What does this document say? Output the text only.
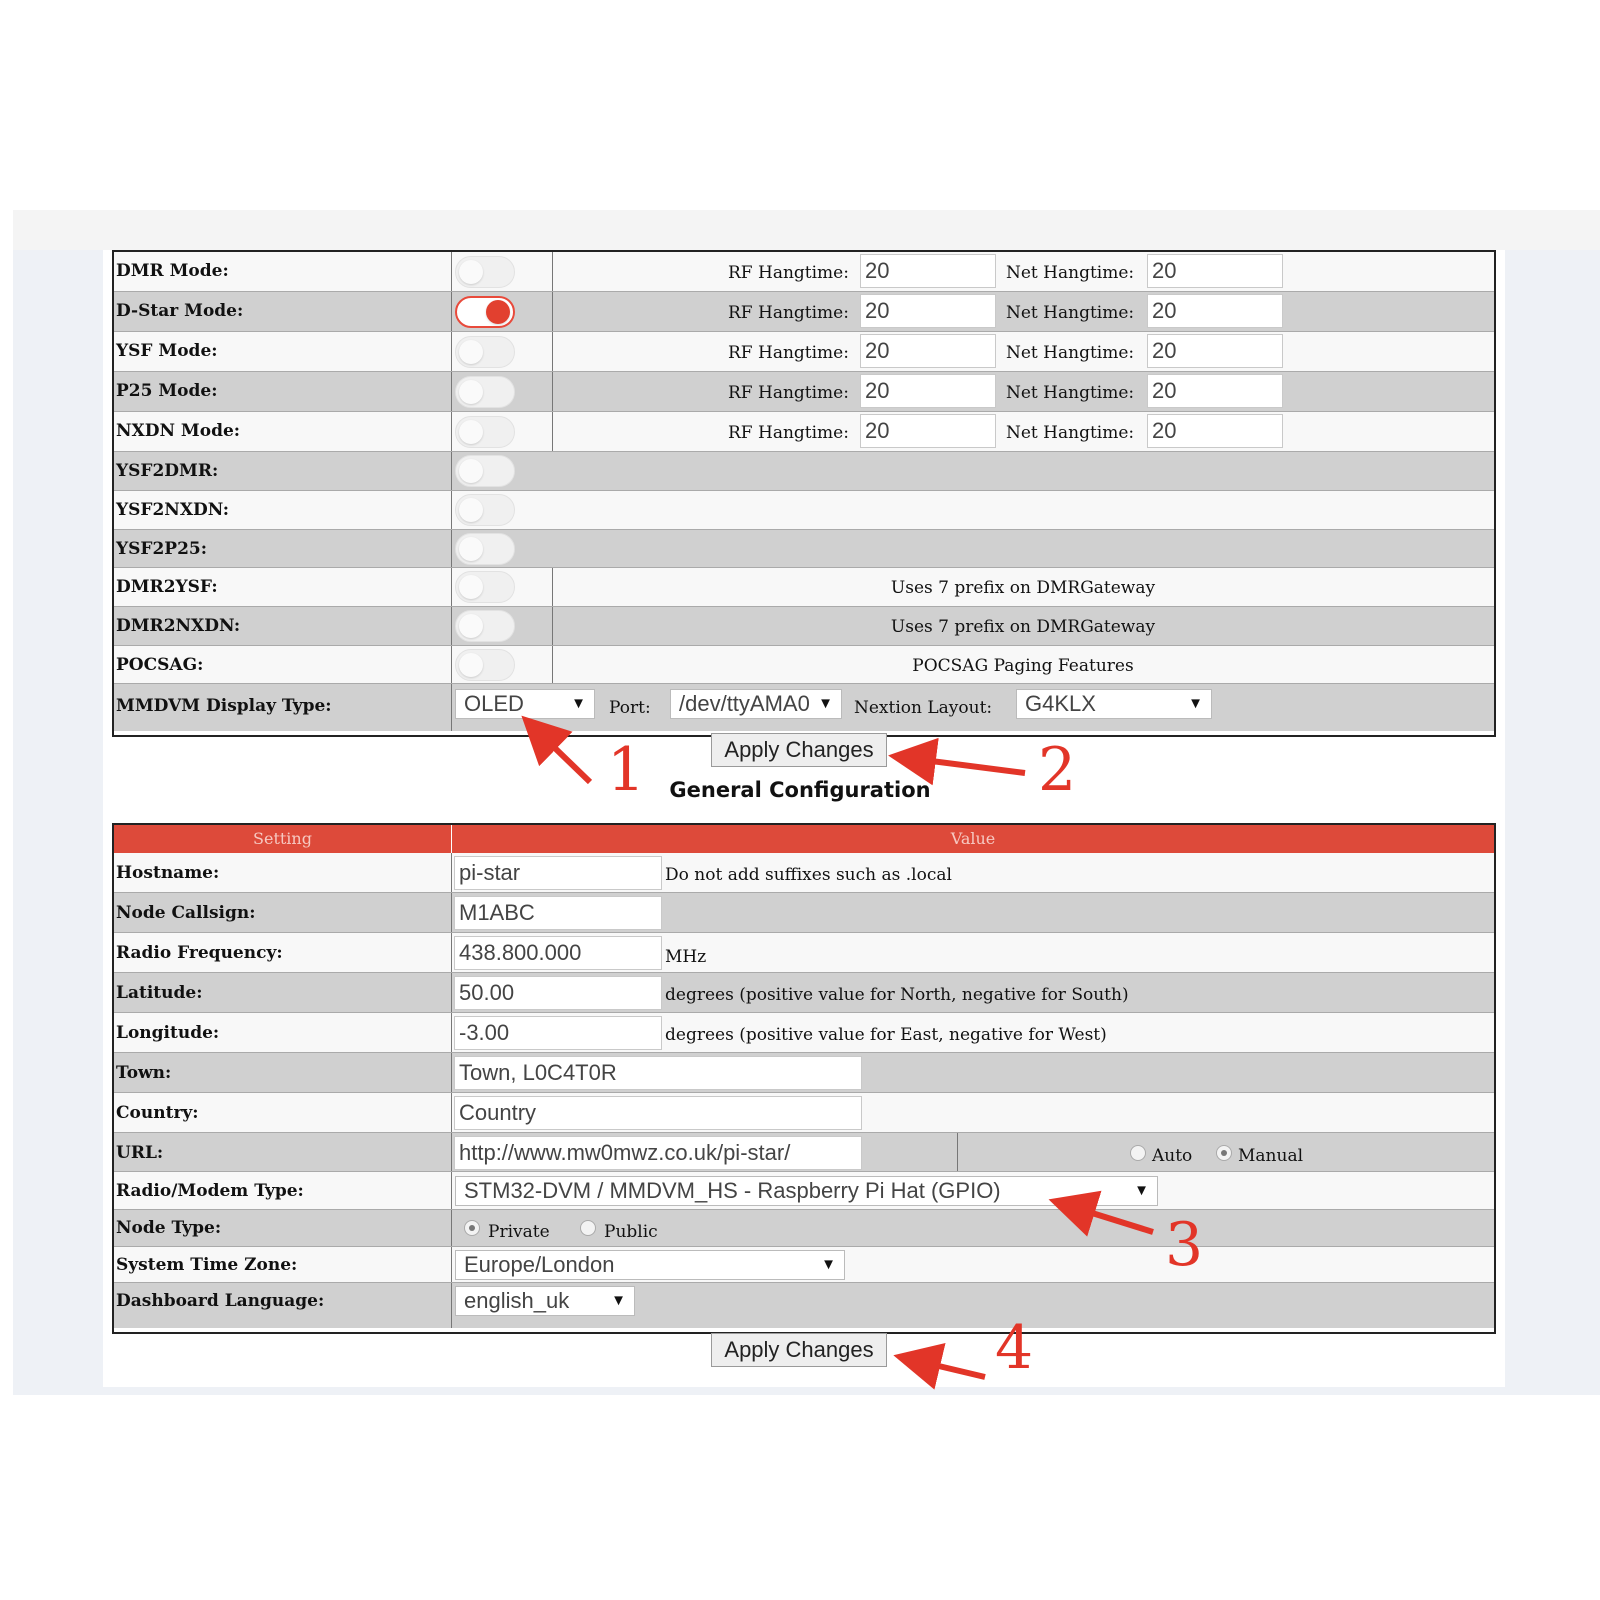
DMR Mode:	RF Hangtime: 20	Net Hangtime: 20
D-Star Mode:	RF Hangtime: 20	Net Hangtime: 20
YSF Mode:	RF Hangtime: 20	Net Hangtime: 20
P25 Mode:	RF Hangtime: 20	Net Hangtime: 20
NXDN Mode:	RF Hangtime: 20	Net Hangtime: 20
YSF2DMR:
YSF2NXDN:
YSF2P25:
DMR2YSF:	Uses 7 prefix on DMRGateway
DMR2NXDN:	Uses 7 prefix on DMRGateway
POCSAG:	POCSAG Paging Features
MMDVM Display Type:	OLED	▼ Port:	/dev/ttyAMA0 ▼ Nextion Layout:	G4KLX	▼
Apply Changes
General Configuration
Setting	Value
Hostname:	pi-star	Do not add suffixes such as .local
Node Callsign:	M1ABC
Radio Frequency:	438.800.000	MHz
Latitude:	50.00	degrees (positive value for North, negative for South)
Longitude:	-3.00	degrees (positive value for East, negative for West)
Town:	Town, L0C4T0R
Country:	Country
URL:	http://www.mw0mwz.co.uk/pi-star/	Auto	Manual
Radio/Modem Type:	STM32-DVM / MMDVM_HS - Raspberry Pi Hat (GPIO)	▼
Node Type:	Private	Public
System Time Zone:	Europe/London	▼
Dashboard Language:	english_uk	▼
Apply Changes
1	2
3
4
